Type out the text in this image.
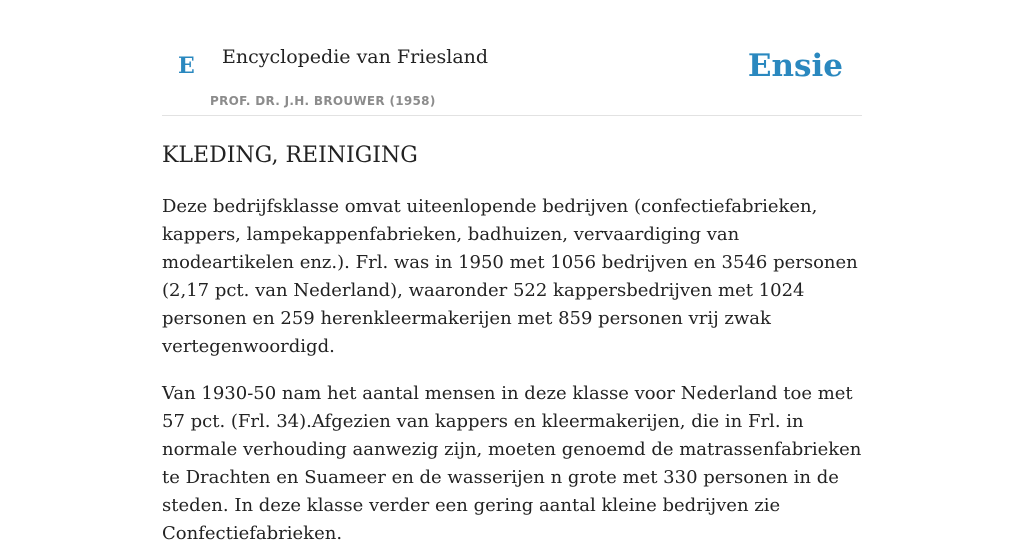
E Encyclopedie van Friesland
PROF. DR. J.H. BROUWER (1958)
Ensie
KLEDING, REINIGING

Deze bedrijfsklasse omvat uiteenlopende bedrijven (confectiefabrieken, kappers, lampekappenfabrieken, badhuizen, vervaardiging van modeartikelen enz.). Frl. was in 1950 met 1056 bedrijven en 3546 personen (2,17 pct. van Nederland), waaronder 522 kappersbedrijven met 1024 personen en 259 herenkleermakerijen met 859 personen vrij zwak vertegenwoordigd.

Van 1930-50 nam het aantal mensen in deze klasse voor Nederland toe met 57 pct. (Frl. 34).Afgezien van kappers en kleermakerijen, die in Frl. in normale verhouding aanwezig zijn, moeten genoemd de matrassenfabrieken te Drachten en Suameer en de wasserijen n grote met 330 personen in de steden. In deze klasse verder een gering aantal kleine bedrijven zie Confectiefabrieken.
